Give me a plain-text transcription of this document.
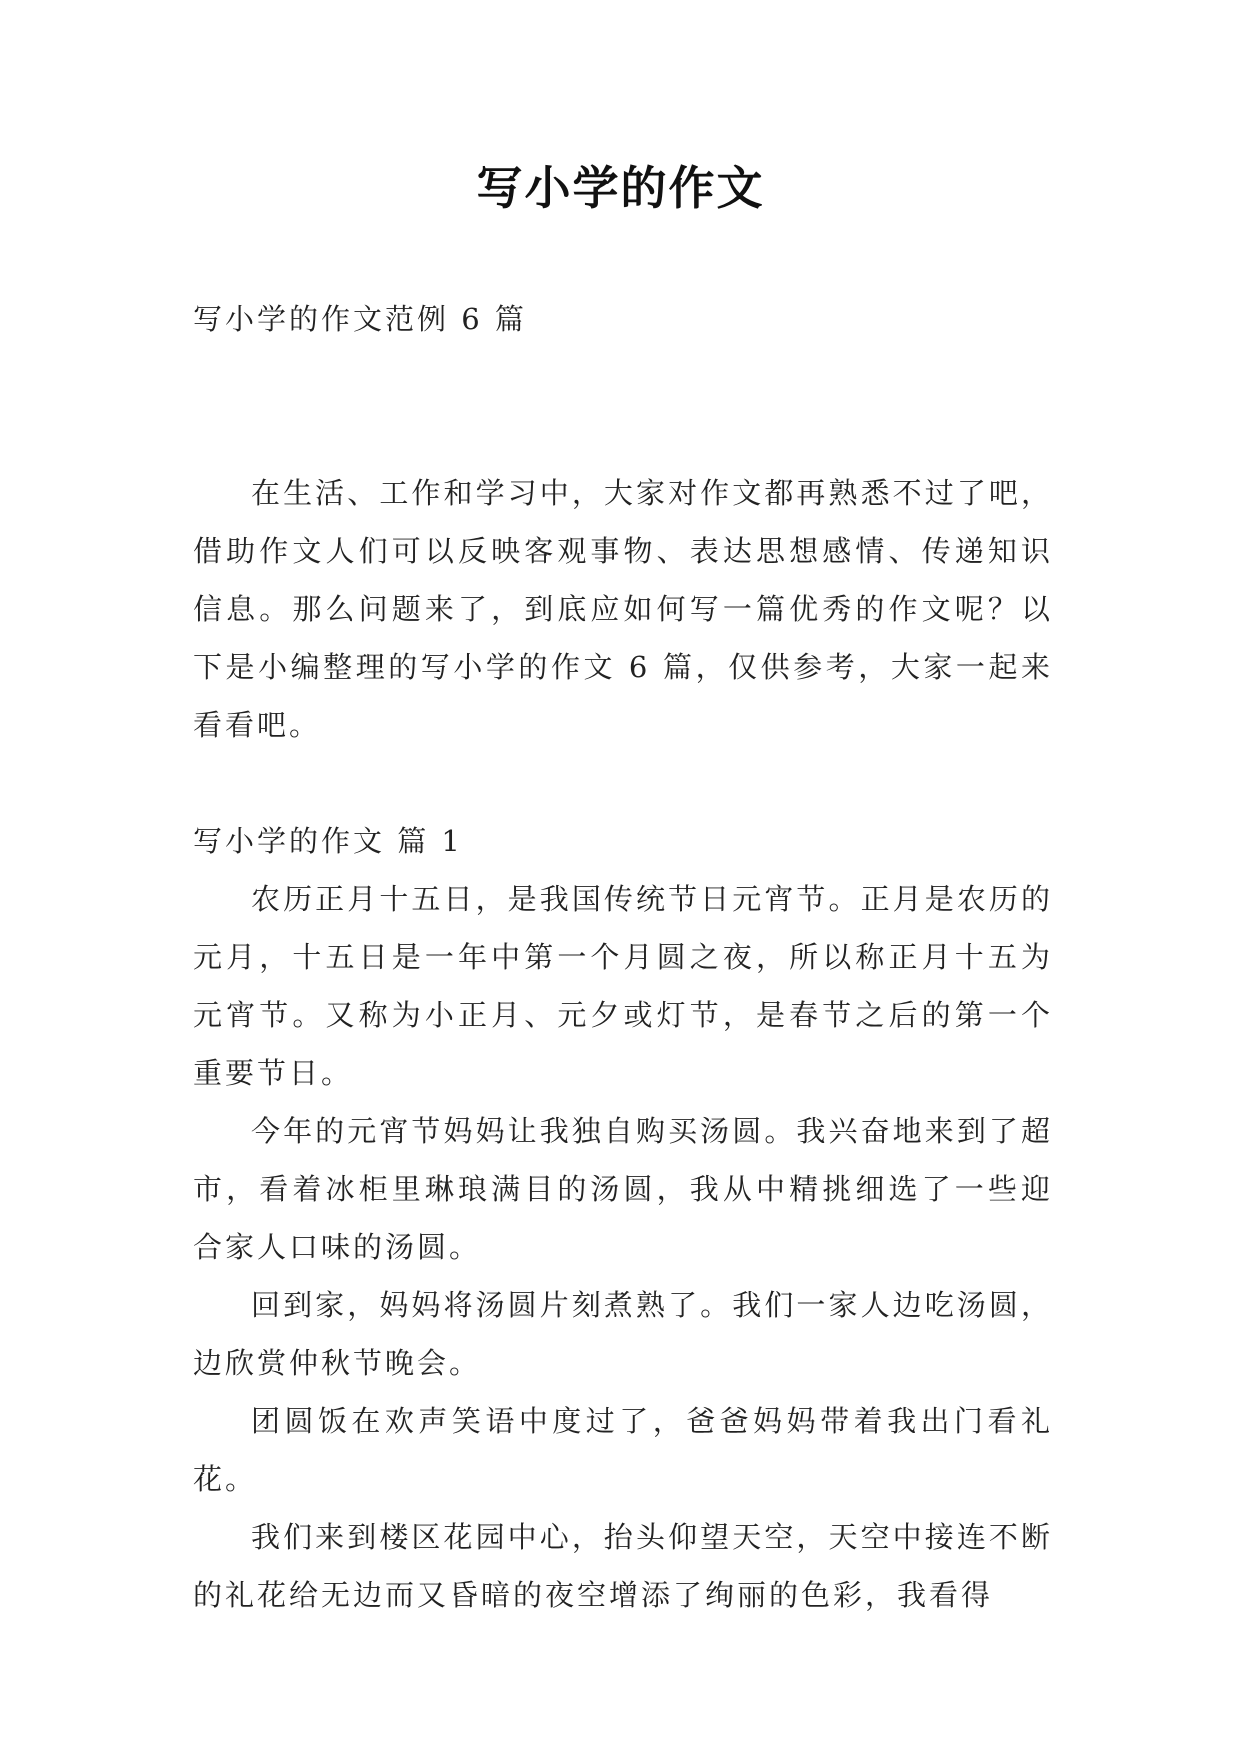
写小学的作文

写小学的作文范例 6 篇

在生活、工作和学习中，大家对作文都再熟悉不过了吧，借助作文人们可以反映客观事物、表达思想感情、传递知识信息。那么问题来了，到底应如何写一篇优秀的作文呢？以下是小编整理的写小学的作文 6 篇，仅供参考，大家一起来看看吧。

写小学的作文 篇 1

农历正月十五日，是我国传统节日元宵节。正月是农历的元月，十五日是一年中第一个月圆之夜，所以称正月十五为元宵节。又称为小正月、元夕或灯节，是春节之后的第一个重要节日。

今年的元宵节妈妈让我独自购买汤圆。我兴奋地来到了超市，看着冰柜里琳琅满目的汤圆，我从中精挑细选了一些迎合家人口味的汤圆。

回到家，妈妈将汤圆片刻煮熟了。我们一家人边吃汤圆，边欣赏仲秋节晚会。

团圆饭在欢声笑语中度过了，爸爸妈妈带着我出门看礼花。

我们来到楼区花园中心，抬头仰望天空，天空中接连不断的礼花给无边而又昏暗的夜空增添了绚丽的色彩，我看得
